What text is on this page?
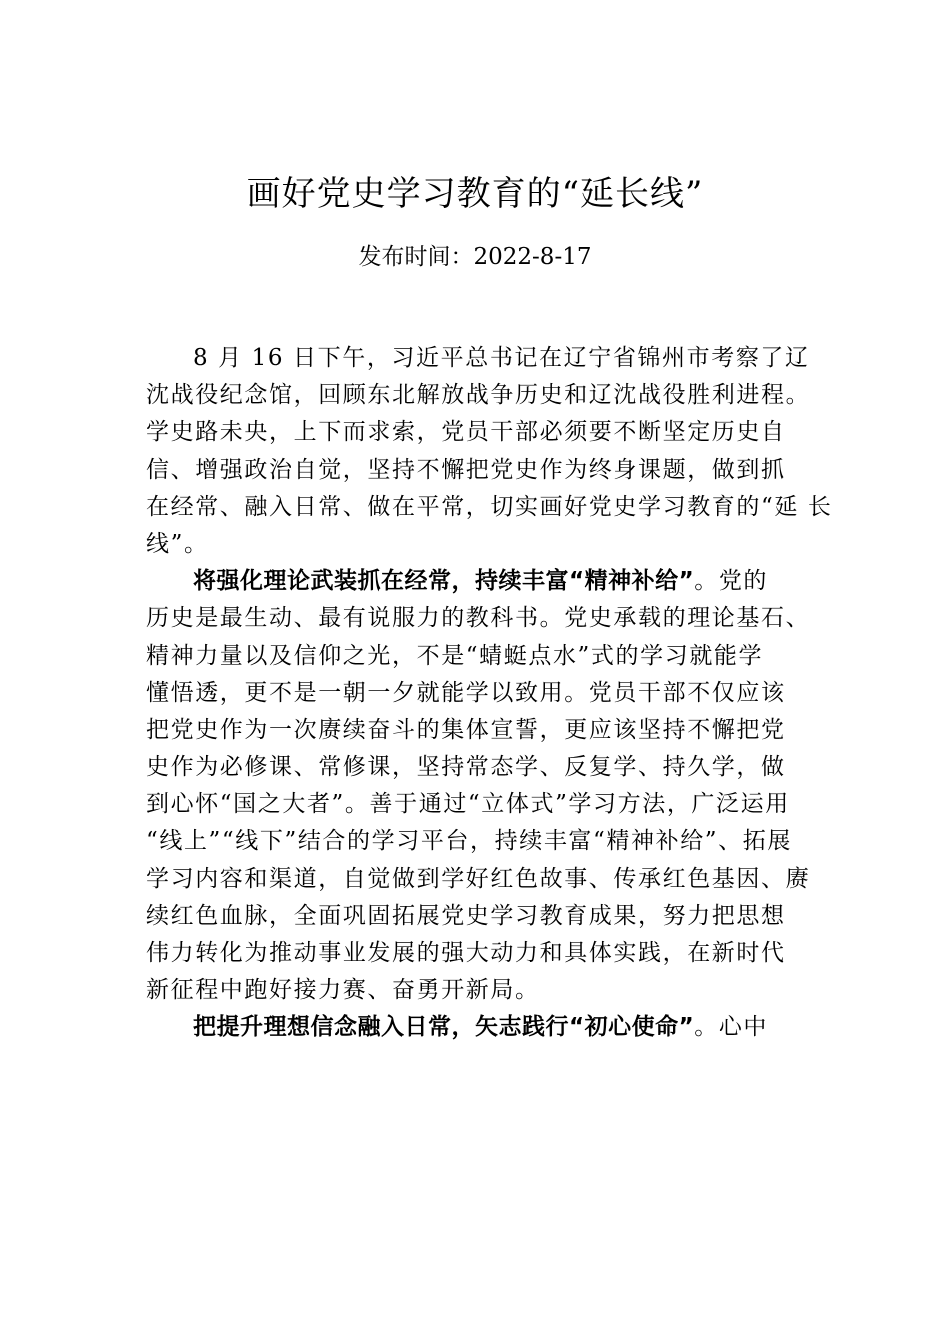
画好党史学习教育的“延长线”
发布时间：2022-8-17
8 月 16 日下午，习近平总书记在辽宁省锦州市考察了辽
沈战役纪念馆，回顾东北解放战争历史和辽沈战役胜利进程。
学史路未央，上下而求索，党员干部必须要不断坚定历史自
信、增强政治自觉，坚持不懈把党史作为终身课题，做到抓
在经常、融入日常、做在平常，切实画好党史学习教育的“延 长
线”。
将强化理论武装抓在经常，持续丰富“精神补给”。党的
历史是最生动、最有说服力的教科书。党史承载的理论基石、
精神力量以及信仰之光，不是“蜻蜓点水”式的学习就能学
懂悟透，更不是一朝一夕就能学以致用。党员干部不仅应该
把党史作为一次赓续奋斗的集体宣誓，更应该坚持不懈把党
史作为必修课、常修课，坚持常态学、反复学、持久学，做
到心怀“国之大者”。善于通过“立体式”学习方法，广泛运用
“线上”“线下”结合的学习平台，持续丰富“精神补给”、拓展
学习内容和渠道，自觉做到学好红色故事、传承红色基因、赓
续红色血脉，全面巩固拓展党史学习教育成果，努力把思想
伟力转化为推动事业发展的强大动力和具体实践，在新时代
新征程中跑好接力赛、奋勇开新局。
把提升理想信念融入日常，矢志践行“初心使命”。心中
